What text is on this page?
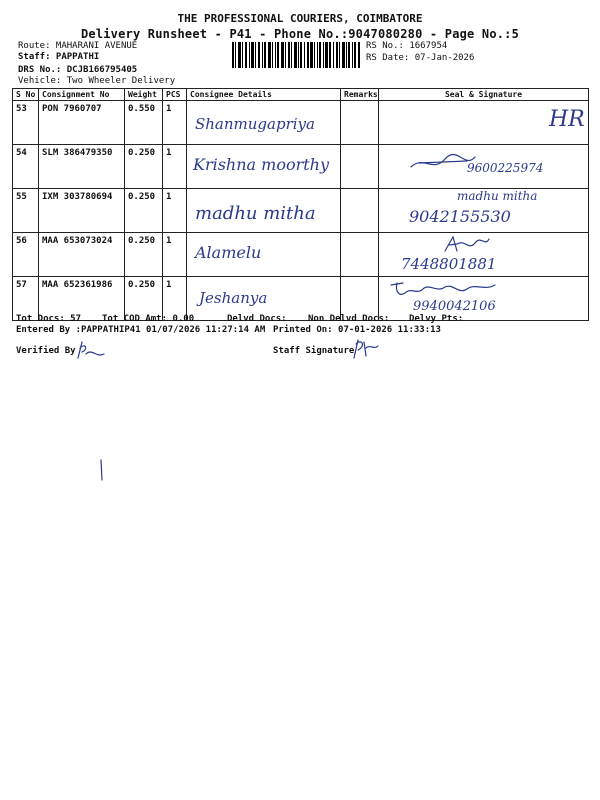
THE PROFESSIONAL COURIERS, COIMBATORE
Delivery Runsheet - P41 - Phone No.:9047080280 - Page No.:5
Route: MAHARANI AVENUE
Staff: PAPPATHI
DRS No.: DCJB166795405
Vehicle: Two Wheeler Delivery
RS No.: 1667954
RS Date: 07-Jan-2026
S No	Consignment No	Weight	PCS	Consignee Details	Remarks	Seal & Signature
53	PON 7960707	0.550	1	Shanmugapriya		HR

54	SLM 386479350	0.250	1	Krishna moorthy		9600225974

55	IXM 303780694	0.250	1	madhu mitha		madhu mitha
9042155530

56	MAA 653073024	0.250	1	Alamelu		7448801881

57	MAA 652361986	0.250	1	Jeshanya		9940042106
Tot Docs: 57 Tot COD Amt: 0.00	Delvd Docs: Non Delvd Docs: Delvy Pts:
Entered By :PAPPATHIP41 01/07/2026 11:27:14 AM Printed On: 07-01-2026 11:33:13
Verified By	Staff Signature
